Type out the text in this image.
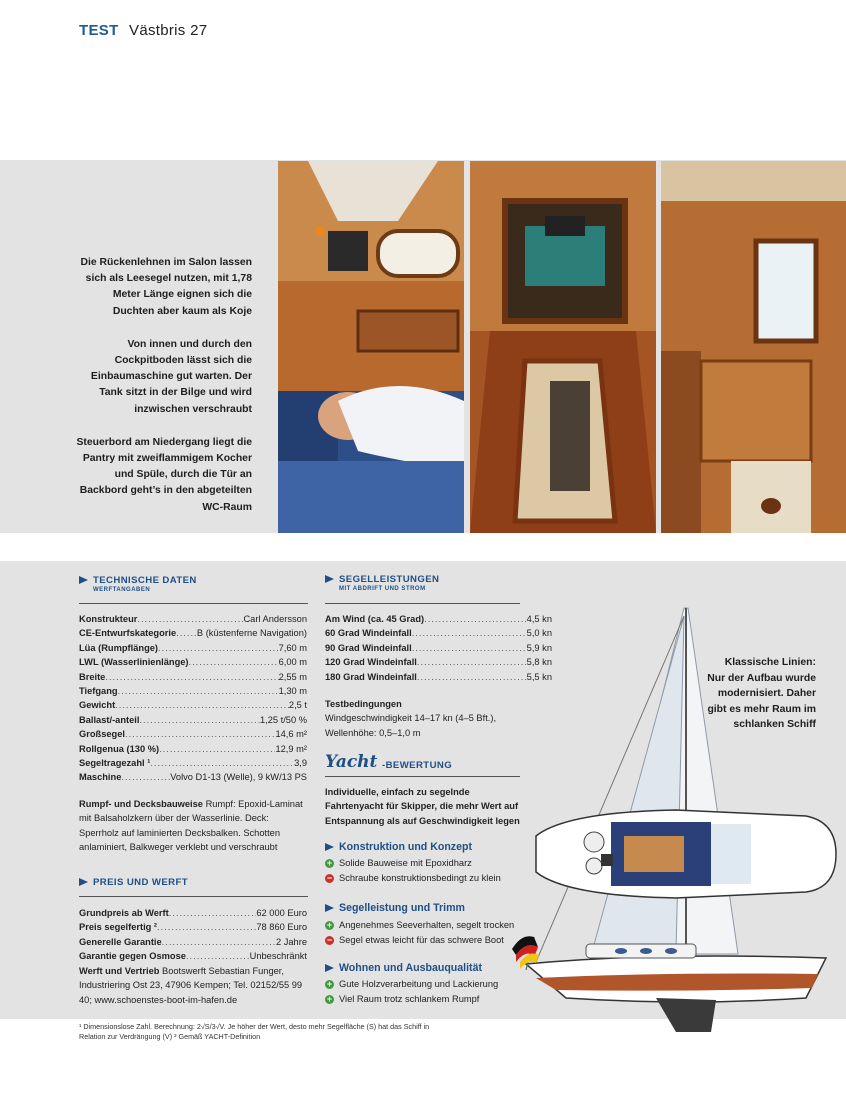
TEST Västbris 27

Die Rückenlehnen im Salon lassen sich als Leesegel nutzen, mit 1,78 Meter Länge eignen sich die Duchten aber kaum als Koje

Von innen und durch den Cockpitboden lässt sich die Einbaumaschine gut warten. Der Tank sitzt in der Bilge und wird inzwischen verschraubt

Steuerbord am Niedergang liegt die Pantry mit zweiflammigem Kocher und Spüle, durch die Tür an Backbord geht’s in den abgeteilten WC-Raum

TECHNISCHE DATEN
WERFTANGABEN
Konstrukteur .....	Carl Andersson
CE-Entwurfskategorie ..... B (küstenferne Navigation)
Lüa (Rumpflänge) .....	7,60 m
LWL (Wasserlinienlänge) .....	6,00 m
Breite .....	2,55 m
Tiefgang .....	1,30 m
Gewicht .....	2,5 t
Ballast/-anteil .....	1,25 t/50 %
Großsegel .....	14,6 m²
Rollgenua (130 %) .....	12,9 m²
Segeltragezahl ¹ .....	3,9
Maschine .....	Volvo D1-13 (Welle), 9 kW/13 PS
Rumpf- und Decksbauweise Rumpf: Epoxid-Laminat mit Balsaholzkern über der Wasserlinie. Deck: Sperrholz auf laminierten Decksbalken. Schotten anlaminiert, Balkweger verklebt und verschraubt
PREIS UND WERFT
Grundpreis ab Werft .....	62 000 Euro
Preis segelfertig ² .....	78 860 Euro
Generelle Garantie .....	2 Jahre
Garantie gegen Osmose .....	Unbeschränkt
Werft und Vertrieb Bootswerft Sebastian Funger, Industriering Ost 23, 47906 Kempen; Tel. 02152/55 99 40; www.schoenstes-boot-im-hafen.de
SEGELLEISTUNGEN
MIT ABDRIFT UND STROM
Am Wind (ca. 45 Grad) .....	4,5 kn
60 Grad Windeinfall .....	5,0 kn
90 Grad Windeinfall .....	5,9 kn
120 Grad Windeinfall .....	5,8 kn
180 Grad Windeinfall .....	5,5 kn
Testbedingungen
Windgeschwindigkeit 14–17 kn (4–5 Bft.), Wellenhöhe: 0,5–1,0 m
Yacht -BEWERTUNG
Individuelle, einfach zu segelnde Fahrtenyacht für Skipper, die mehr Wert auf Entspannung als auf Geschwindigkeit legen
Konstruktion und Konzept
+ Solide Bauweise mit Epoxidharz
− Schraube konstruktionsbedingt zu klein
Segelleistung und Trimm
+ Angenehmes Seeverhalten, segelt trocken
− Segel etwas leicht für das schwere Boot
Wohnen und Ausbauqualität
+ Gute Holzverarbeitung und Lackierung
+ Viel Raum trotz schlankem Rumpf
Klassische Linien: Nur der Aufbau wurde modernisiert. Daher gibt es mehr Raum im schlanken Schiff
¹ Dimensionslose Zahl. Berechnung: 2√S/3√V. Je höher der Wert, desto mehr Segelfläche (S) hat das Schiff in Relation zur Verdrängung (V) ² Gemäß YACHT-Definition
